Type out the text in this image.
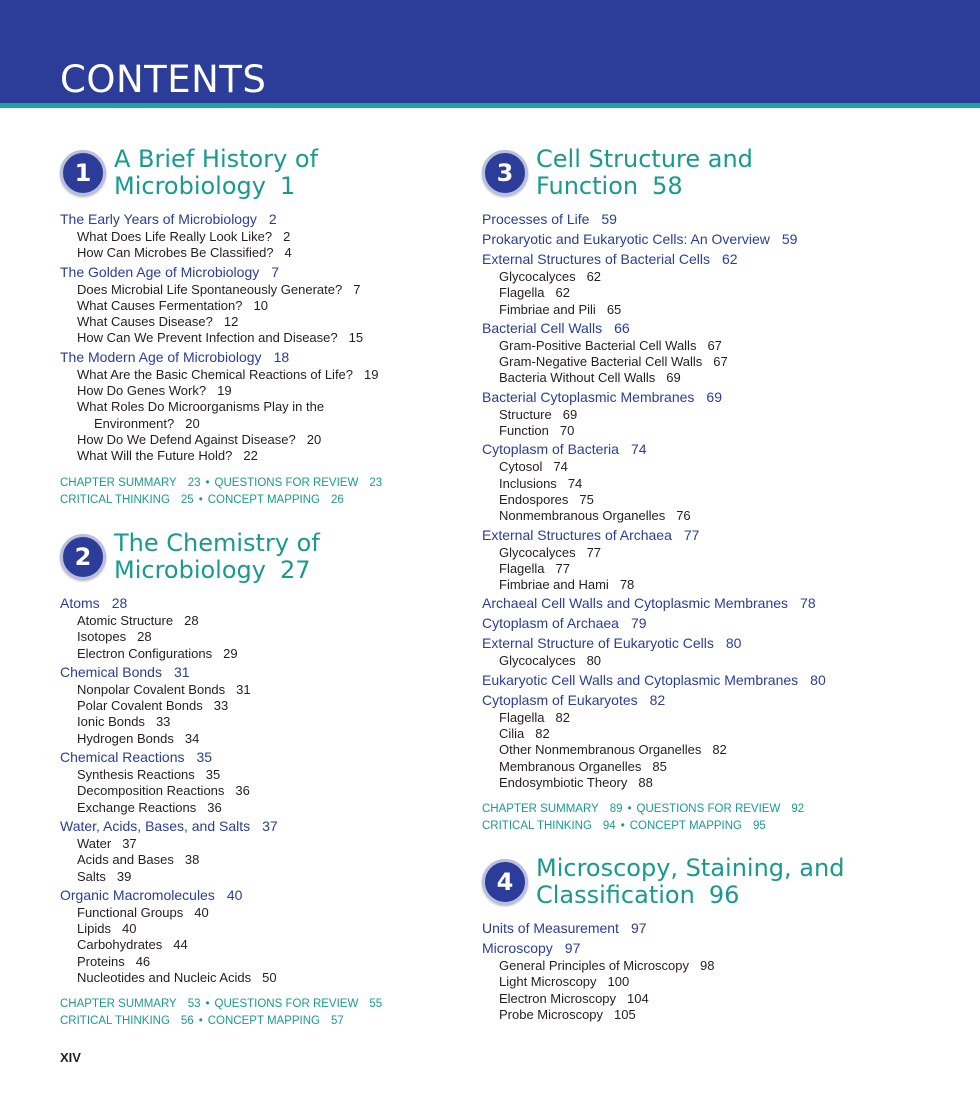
CONTENTS
1 A Brief History of
Microbiology 1
The Early Years of Microbiology 2
What Does Life Really Look Like? 2
How Can Microbes Be Classified? 4
The Golden Age of Microbiology 7
Does Microbial Life Spontaneously Generate? 7
What Causes Fermentation? 10
What Causes Disease? 12
How Can We Prevent Infection and Disease? 15
The Modern Age of Microbiology 18
What Are the Basic Chemical Reactions of Life? 19
How Do Genes Work? 19
What Roles Do Microorganisms Play in the
Environment? 20
How Do We Defend Against Disease? 20
What Will the Future Hold? 22
CHAPTER SUMMARY 23 • QUESTIONS FOR REVIEW 23
CRITICAL THINKING 25 • CONCEPT MAPPING 26
2 The Chemistry of
Microbiology 27
Atoms 28
Atomic Structure 28
Isotopes 28
Electron Configurations 29
Chemical Bonds 31
Nonpolar Covalent Bonds 31
Polar Covalent Bonds 33
Ionic Bonds 33
Hydrogen Bonds 34
Chemical Reactions 35
Synthesis Reactions 35
Decomposition Reactions 36
Exchange Reactions 36
Water, Acids, Bases, and Salts 37
Water 37
Acids and Bases 38
Salts 39
Organic Macromolecules 40
Functional Groups 40
Lipids 40
Carbohydrates 44
Proteins 46
Nucleotides and Nucleic Acids 50
CHAPTER SUMMARY 53 • QUESTIONS FOR REVIEW 55
CRITICAL THINKING 56 • CONCEPT MAPPING 57
3 Cell Structure and
Function 58
Processes of Life 59
Prokaryotic and Eukaryotic Cells: An Overview 59
External Structures of Bacterial Cells 62
Glycocalyces 62
Flagella 62
Fimbriae and Pili 65
Bacterial Cell Walls 66
Gram-Positive Bacterial Cell Walls 67
Gram-Negative Bacterial Cell Walls 67
Bacteria Without Cell Walls 69
Bacterial Cytoplasmic Membranes 69
Structure 69
Function 70
Cytoplasm of Bacteria 74
Cytosol 74
Inclusions 74
Endospores 75
Nonmembranous Organelles 76
External Structures of Archaea 77
Glycocalyces 77
Flagella 77
Fimbriae and Hami 78
Archaeal Cell Walls and Cytoplasmic Membranes 78
Cytoplasm of Archaea 79
External Structure of Eukaryotic Cells 80
Glycocalyces 80
Eukaryotic Cell Walls and Cytoplasmic Membranes 80
Cytoplasm of Eukaryotes 82
Flagella 82
Cilia 82
Other Nonmembranous Organelles 82
Membranous Organelles 85
Endosymbiotic Theory 88
CHAPTER SUMMARY 89 • QUESTIONS FOR REVIEW 92
CRITICAL THINKING 94 • CONCEPT MAPPING 95
4 Microscopy, Staining, and
Classification 96
Units of Measurement 97
Microscopy 97
General Principles of Microscopy 98
Light Microscopy 100
Electron Microscopy 104
Probe Microscopy 105
XIV
